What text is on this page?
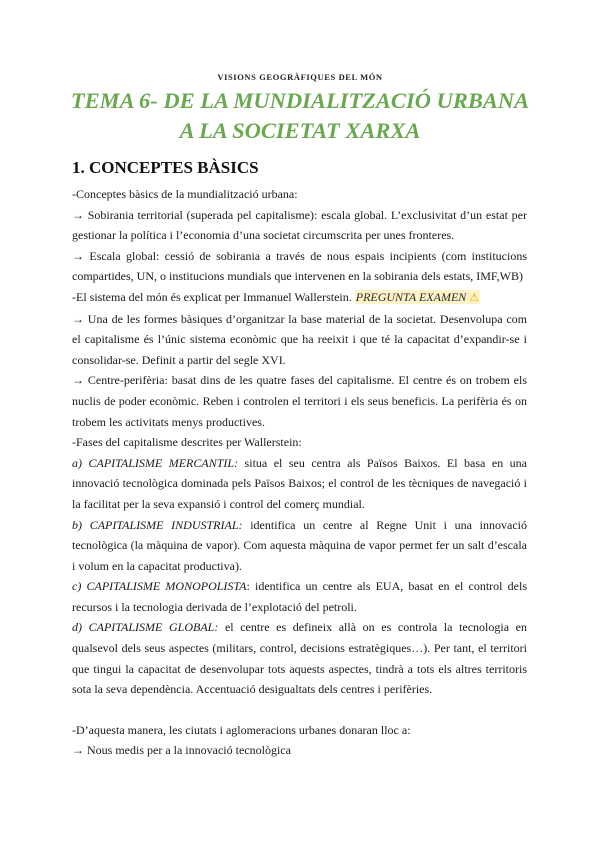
VISIONS GEOGRÀFIQUES DEL MÓN
TEMA 6- DE LA MUNDIALITZACIÓ URBANA
A LA SOCIETAT XARXA
1. CONCEPTES BÀSICS

-Conceptes bàsics de la mundialització urbana:

→ Sobirania territorial (superada pel capitalisme): escala global. L’exclusivitat d’un estat per gestionar la política i l’economia d’una societat circumscrita per unes fronteres.

→ Escala global: cessió de sobirania a través de nous espais incipients (com institucions compartides, UN, o institucions mundials que intervenen en la sobirania dels estats, IMF,WB)

-El sistema del món és explicat per Immanuel Wallerstein. PREGUNTA EXAMEN ⚠

→ Una de les formes bàsiques d’organitzar la base material de la societat. Desenvolupa com el capitalisme és l’únic sistema econòmic que ha reeixit i que té la capacitat d’expandir-se i consolidar-se. Definit a partir del segle XVI.

→ Centre-perifèria: basat dins de les quatre fases del capitalisme. El centre és on trobem els nuclis de poder econòmic. Reben i controlen el territori i els seus beneficis. La perifèria és on trobem les activitats menys productives.

-Fases del capitalisme descrites per Wallerstein:

a) CAPITALISME MERCANTIL: situa el seu centra als Països Baixos. El basa en una innovació tecnològica dominada pels Països Baixos; el control de les tècniques de navegació i la facilitat per la seva expansió i control del comerç mundial.

b) CAPITALISME INDUSTRIAL: identifica un centre al Regne Unit i una innovació tecnològica (la màquina de vapor). Com aquesta màquina de vapor permet fer un salt d’escala i volum en la capacitat productiva).

c) CAPITALISME MONOPOLISTA: identifica un centre als EUA, basat en el control dels recursos i la tecnologia derivada de l’explotació del petroli.

d) CAPITALISME GLOBAL: el centre es defineix allà on es controla la tecnologia en qualsevol dels seus aspectes (militars, control, decisions estratègiques…). Per tant, el territori que tingui la capacitat de desenvolupar tots aquests aspectes, tindrà a tots els altres territoris sota la seva dependència. Accentuació desigualtats dels centres i perifèries.

-D’aquesta manera, les ciutats i aglomeracions urbanes donaran lloc a:

→ Nous medis per a la innovació tecnològica
